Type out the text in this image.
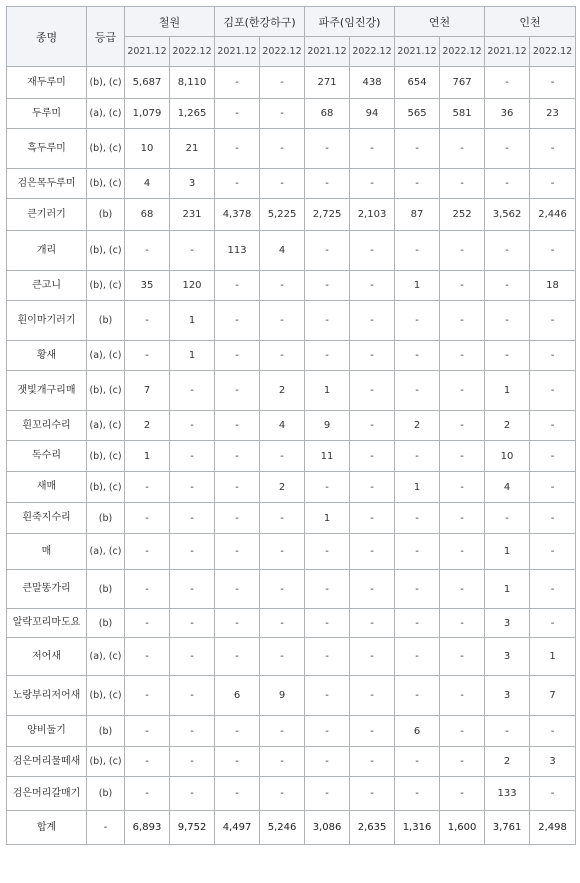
종명	등급	철원		김포(한강하구)		파주(임진강)		연천		인천	
		2021.12	2022.12	2021.12	2022.12	2021.12	2022.12	2021.12	2022.12	2021.12	2022.12
재두루미	(b), (c)	5,687	8,110	-	-	271	438	654	767	-	-
두루미	(a), (c)	1,079	1,265	-	-	68	94	565	581	36	23
흑두루미	(b), (c)	10	21	-	-	-	-	-	-	-	-
검은목두루미	(b), (c)	4	3	-	-	-	-	-	-	-	-
큰기러기	(b)	68	231	4,378	5,225	2,725	2,103	87	252	3,562	2,446
개리	(b), (c)	-	-	113	4	-	-	-	-	-	-
큰고니	(b), (c)	35	120	-	-	-	-	1	-	-	18
흰이마기러기	(b)	-	1	-	-	-	-	-	-	-	-
황새	(a), (c)	-	1	-	-	-	-	-	-	-	-
잿빛개구리매	(b), (c)	7	-	-	2	1	-	-	-	1	-
흰꼬리수리	(a), (c)	2	-	-	4	9	-	2	-	2	-
독수리	(b), (c)	1	-	-	-	11	-	-	-	10	-
새매	(b), (c)	-	-	-	2	-	-	1	-	4	-
흰죽지수리	(b)	-	-	-	-	1	-	-	-	-	-
매	(a), (c)	-	-	-	-	-	-	-	-	1	-
큰말똥가리	(b)	-	-	-	-	-	-	-	-	1	-
알락꼬리마도요	(b)	-	-	-	-	-	-	-	-	3	-
저어새	(a), (c)	-	-	-	-	-	-	-	-	3	1
노랑부리저어새	(b), (c)	-	-	6	9	-	-	-	-	3	7
양비둘기	(b)	-	-	-	-	-	-	6	-	-	-
검은머리물떼새	(b), (c)	-	-	-	-	-	-	-	-	2	3
검은머리갈매기	(b)	-	-	-	-	-	-	-	-	133	-
합계	-	6,893	9,752	4,497	5,246	3,086	2,635	1,316	1,600	3,761	2,498
